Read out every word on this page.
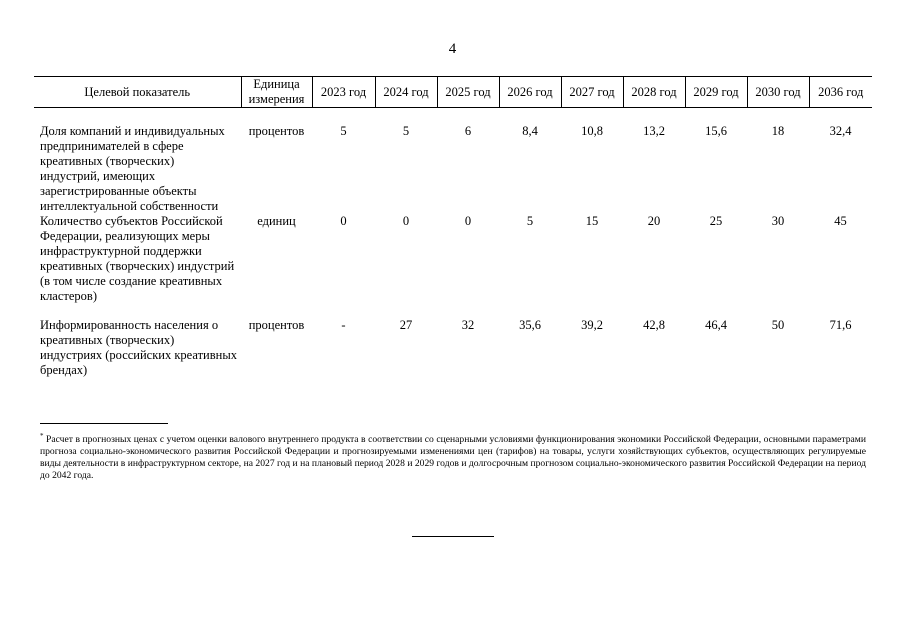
4
Целевой показатель	Единица измерения	2023 год	2024 год	2025 год	2026 год	2027 год	2028 год	2029 год	2030 год	2036 год

Доля компаний и индивидуальных предпринимателей в сфере креативных (творческих) индустрий, имеющих зарегистрированные объекты интеллектуальной собственности	процентов	5	5	6	8,4	10,8	13,2	15,6	18	32,4
Количество субъектов Российской Федерации, реализующих меры инфраструктурной поддержки креативных (творческих) индустрий (в том числе создание креативных кластеров)	единиц	0	0	0	5	15	20	25	30	45
Информированность населения о креативных (творческих) индустриях (российских креативных брендах)	процентов	-	27	32	35,6	39,2	42,8	46,4	50	71,6
* Расчет в прогнозных ценах с учетом оценки валового внутреннего продукта в соответствии со сценарными условиями функционирования экономики Российской Федерации, основными параметрами прогноза социально-экономического развития Российской Федерации и прогнозируемыми изменениями цен (тарифов) на товары, услуги хозяйствующих субъектов, осуществляющих регулируемые виды деятельности в инфраструктурном секторе, на 2027 год и на плановый период 2028 и 2029 годов и долгосрочным прогнозом социально-экономического развития Российской Федерации на период до 2042 года.
